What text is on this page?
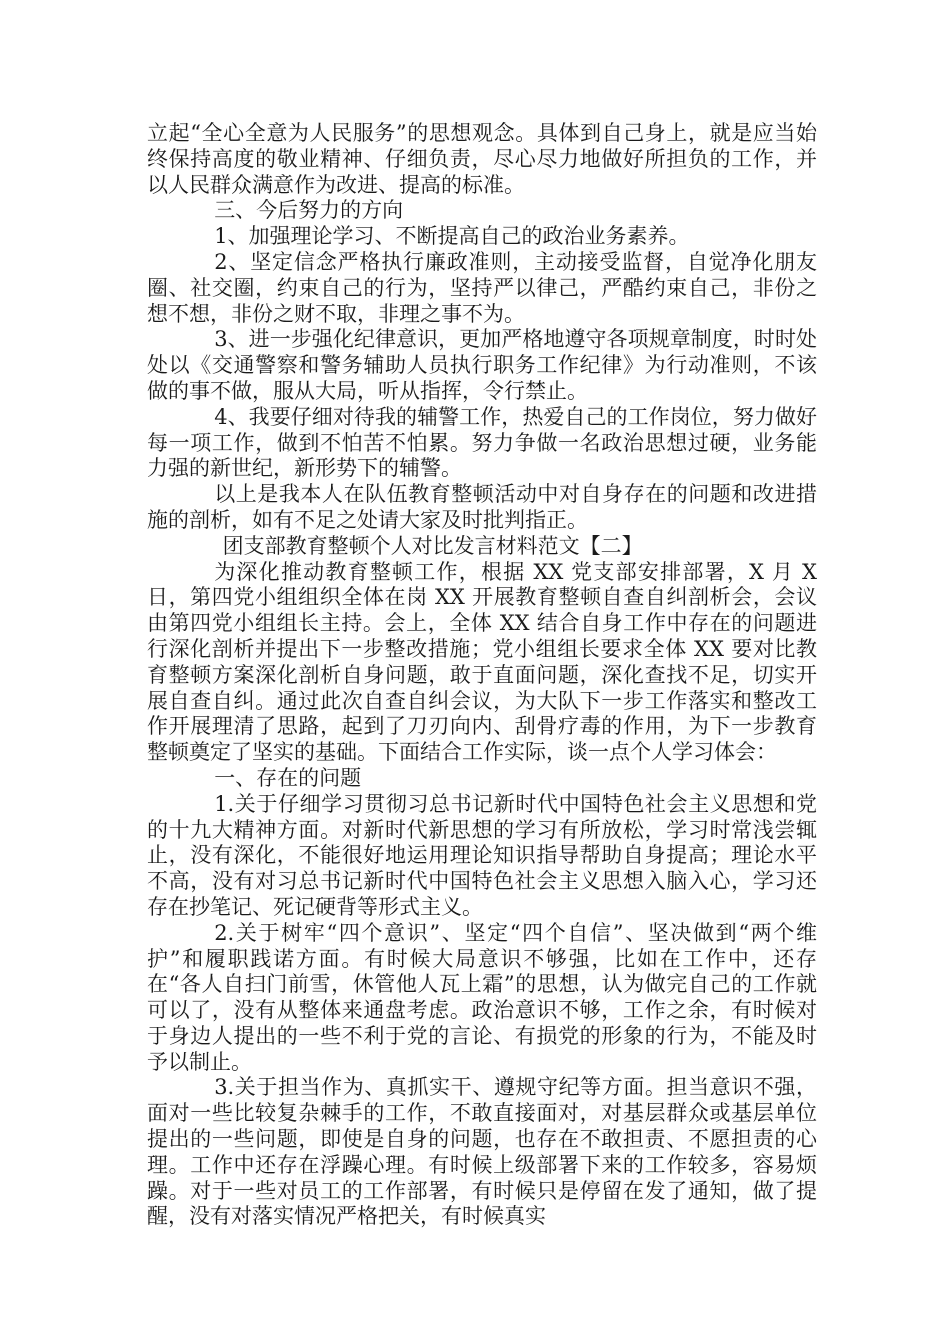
立起“全心全意为人民服务”的思想观念。具体到自己身上，就是应当始终保持高度的敬业精神、仔细负责，尽心尽力地做好所担负的工作，并以人民群众满意作为改进、提高的标准。

三、今后努力的方向

1、加强理论学习、不断提高自己的政治业务素养。

2、坚定信念严格执行廉政准则，主动接受监督，自觉净化朋友圈、社交圈，约束自己的行为，坚持严以律己，严酷约束自己，非份之想不想，非份之财不取，非理之事不为。

3、进一步强化纪律意识，更加严格地遵守各项规章制度，时时处处以《交通警察和警务辅助人员执行职务工作纪律》为行动准则，不该做的事不做，服从大局，听从指挥，令行禁止。

4、我要仔细对待我的辅警工作，热爱自己的工作岗位，努力做好每一项工作，做到不怕苦不怕累。努力争做一名政治思想过硬，业务能力强的新世纪，新形势下的辅警。

以上是我本人在队伍教育整顿活动中对自身存在的问题和改进措施的剖析，如有不足之处请大家及时批判指正。

团支部教育整顿个人对比发言材料范文【二】

为深化推动教育整顿工作，根据 XX 党支部安排部署，X 月 X 日，第四党小组组织全体在岗 XX 开展教育整顿自查自纠剖析会，会议由第四党小组组长主持。会上，全体 XX 结合自身工作中存在的问题进行深化剖析并提出下一步整改措施；党小组组长要求全体 XX 要对比教育整顿方案深化剖析自身问题，敢于直面问题，深化查找不足，切实开展自查自纠。通过此次自查自纠会议，为大队下一步工作落实和整改工作开展理清了思路，起到了刀刃向内、刮骨疗毒的作用，为下一步教育整顿奠定了坚实的基础。下面结合工作实际，谈一点个人学习体会：

一、存在的问题

1.关于仔细学习贯彻习总书记新时代中国特色社会主义思想和党的十九大精神方面。对新时代新思想的学习有所放松，学习时常浅尝辄止，没有深化，不能很好地运用理论知识指导帮助自身提高；理论水平不高，没有对习总书记新时代中国特色社会主义思想入脑入心，学习还存在抄笔记、死记硬背等形式主义。

2.关于树牢“四个意识”、坚定“四个自信”、坚决做到“两个维护”和履职践诺方面。有时候大局意识不够强，比如在工作中，还存在“各人自扫门前雪，休管他人瓦上霜”的思想，认为做完自己的工作就可以了，没有从整体来通盘考虑。政治意识不够，工作之余，有时候对于身边人提出的一些不利于党的言论、有损党的形象的行为，不能及时予以制止。

3.关于担当作为、真抓实干、遵规守纪等方面。担当意识不强，面对一些比较复杂棘手的工作，不敢直接面对，对基层群众或基层单位提出的一些问题，即使是自身的问题，也存在不敢担责、不愿担责的心理。工作中还存在浮躁心理。有时候上级部署下来的工作较多，容易烦躁。对于一些对员工的工作部署，有时候只是停留在发了通知，做了提醒，没有对落实情况严格把关，有时候真实
